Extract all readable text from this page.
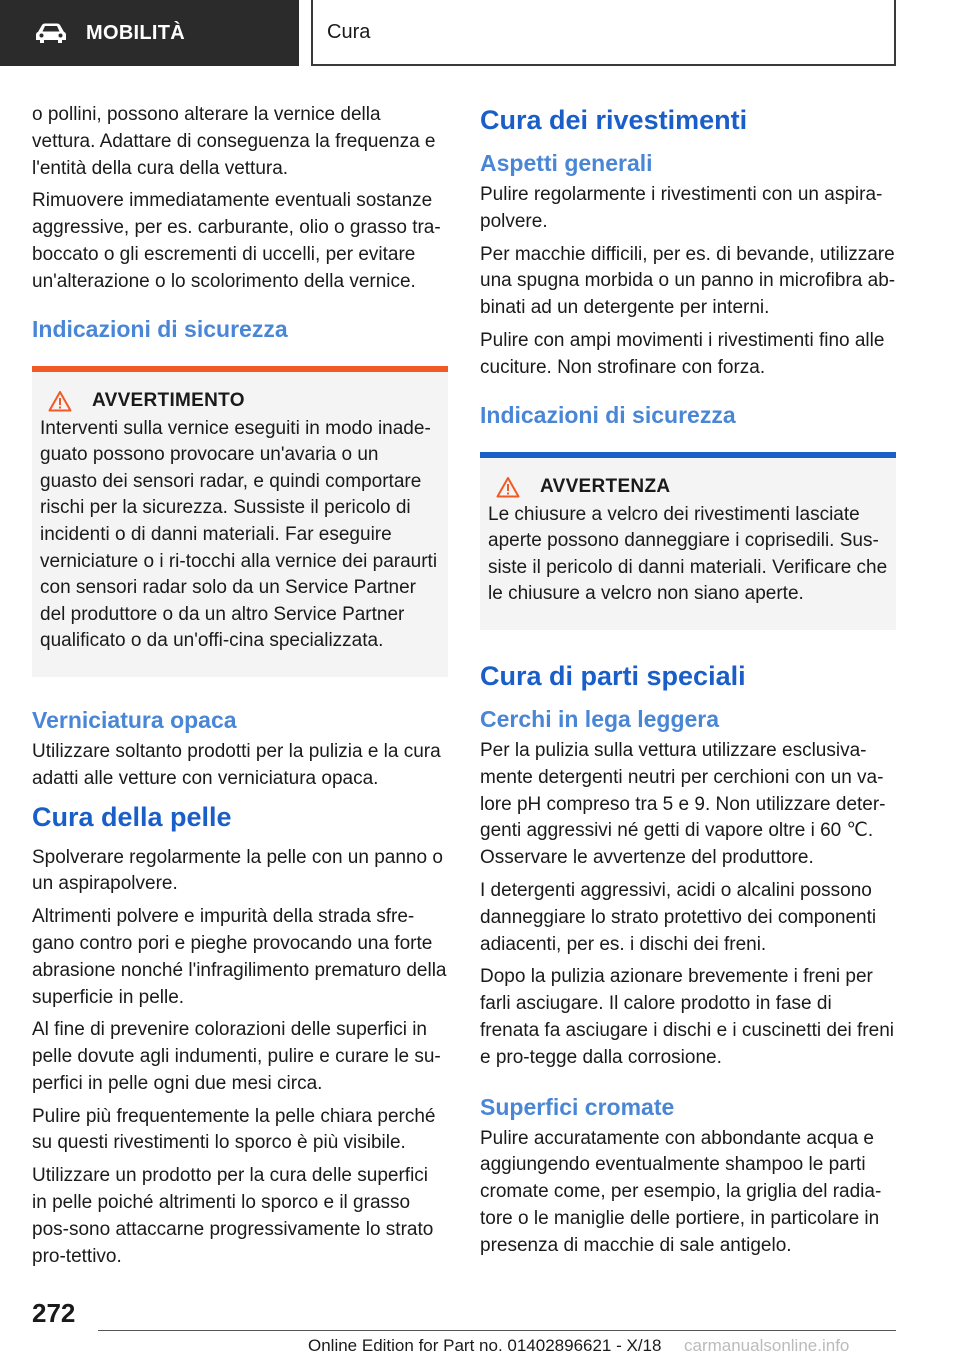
MOBILITÀ	Cura

o pollini, possono alterare la vernice della vettura. Adattare di conseguenza la frequenza e l'entità della cura della vettura.

Rimuovere immediatamente eventuali sostanze aggressive, per es. carburante, olio o grasso tra-boccato o gli escrementi di uccelli, per evitare un'alterazione o lo scolorimento della vernice.

Indicazioni di sicurezza
AVVERTIMENTO

Interventi sulla vernice eseguiti in modo inade-guato possono provocare un'avaria o un guasto dei sensori radar, e quindi comportare rischi per la sicurezza. Sussiste il pericolo di incidenti o di danni materiali. Far eseguire verniciature o i ri-tocchi alla vernice dei paraurti con sensori radar solo da un Service Partner del produttore o da un altro Service Partner qualificato o da un'offi-cina specializzata.

Verniciatura opaca

Utilizzare soltanto prodotti per la pulizia e la cura adatti alle vetture con verniciatura opaca.

Cura della pelle

Spolverare regolarmente la pelle con un panno o un aspirapolvere.

Altrimenti polvere e impurità della strada sfre-gano contro pori e pieghe provocando una forte abrasione nonché l'infragilimento prematuro della superficie in pelle.

Al fine di prevenire colorazioni delle superfici in pelle dovute agli indumenti, pulire e curare le su-perfici in pelle ogni due mesi circa.

Pulire più frequentemente la pelle chiara perché su questi rivestimenti lo sporco è più visibile.

Utilizzare un prodotto per la cura delle superfici in pelle poiché altrimenti lo sporco e il grasso pos-sono attaccarne progressivamente lo strato pro-tettivo.

Cura dei rivestimenti
Aspetti generali

Pulire regolarmente i rivestimenti con un aspira-polvere.

Per macchie difficili, per es. di bevande, utilizzare una spugna morbida o un panno in microfibra ab-binati ad un detergente per interni.

Pulire con ampi movimenti i rivestimenti fino alle cuciture. Non strofinare con forza.

Indicazioni di sicurezza
AVVERTENZA

Le chiusure a velcro dei rivestimenti lasciate aperte possono danneggiare i coprisedili. Sus-siste il pericolo di danni materiali. Verificare che le chiusure a velcro non siano aperte.

Cura di parti speciali
Cerchi in lega leggera

Per la pulizia sulla vettura utilizzare esclusiva-mente detergenti neutri per cerchioni con un va-lore pH compreso tra 5 e 9. Non utilizzare deter-genti aggressivi né getti di vapore oltre i 60 ℃. Osservare le avvertenze del produttore.

I detergenti aggressivi, acidi o alcalini possono danneggiare lo strato protettivo dei componenti adiacenti, per es. i dischi dei freni.

Dopo la pulizia azionare brevemente i freni per farli asciugare. Il calore prodotto in fase di frenata fa asciugare i dischi e i cuscinetti dei freni e pro-tegge dalla corrosione.

Superfici cromate

Pulire accuratamente con abbondante acqua e aggiungendo eventualmente shampoo le parti cromate come, per esempio, la griglia del radia-tore o le maniglie delle portiere, in particolare in presenza di macchie di sale antigelo.

272
Online Edition for Part no. 01402896621 - X/18 carmanualsonline.info
